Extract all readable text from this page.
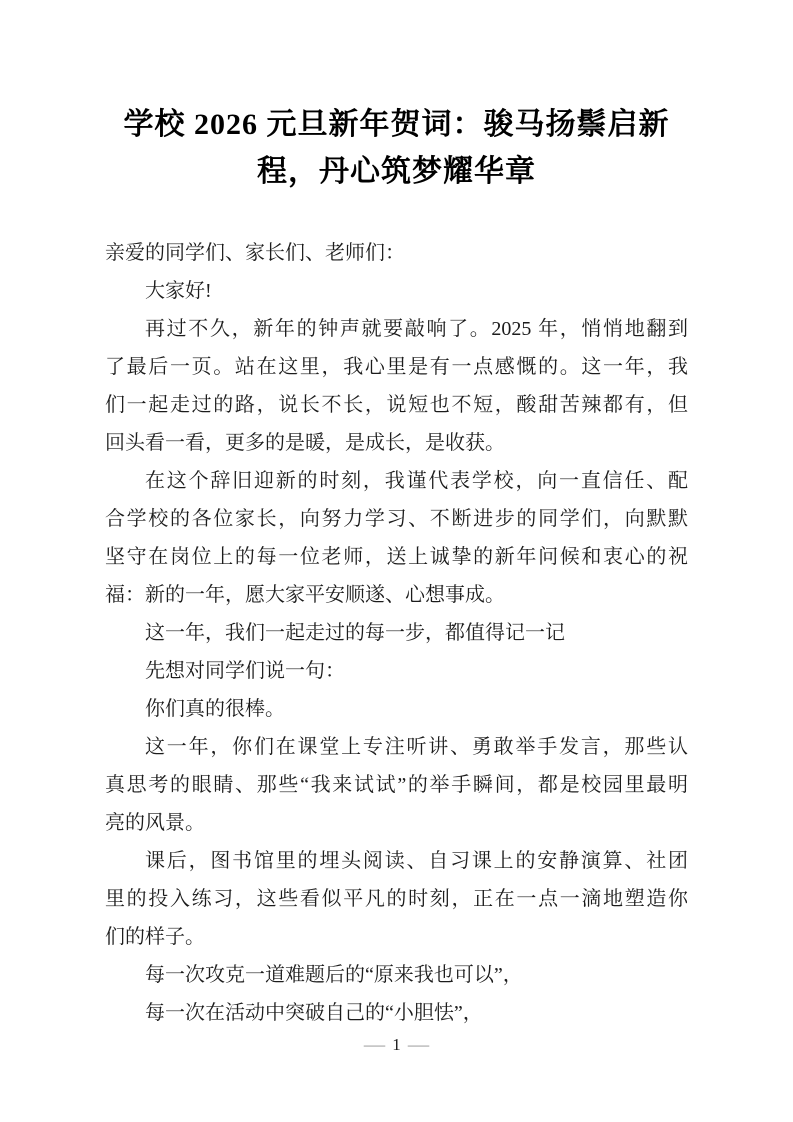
学校 2026 元旦新年贺词：骏马扬鬃启新
程，丹心筑梦耀华章
亲爱的同学们、家长们、老师们：
大家好!
再过不久，新年的钟声就要敲响了。2025 年，悄悄地翻到
了最后一页。站在这里，我心里是有一点感慨的。这一年，我
们一起走过的路，说长不长，说短也不短，酸甜苦辣都有，但
回头看一看，更多的是暖，是成长，是收获。
在这个辞旧迎新的时刻，我谨代表学校，向一直信任、配
合学校的各位家长，向努力学习、不断进步的同学们，向默默
坚守在岗位上的每一位老师，送上诚挚的新年问候和衷心的祝
福：新的一年，愿大家平安顺遂、心想事成。
这一年，我们一起走过的每一步，都值得记一记
先想对同学们说一句：
你们真的很棒。
这一年，你们在课堂上专注听讲、勇敢举手发言，那些认
真思考的眼睛、那些“我来试试”的举手瞬间，都是校园里最明
亮的风景。
课后，图书馆里的埋头阅读、自习课上的安静演算、社团
里的投入练习，这些看似平凡的时刻，正在一点一滴地塑造你
们的样子。
每一次攻克一道难题后的“原来我也可以”，
每一次在活动中突破自己的“小胆怯”，
— 1 —
